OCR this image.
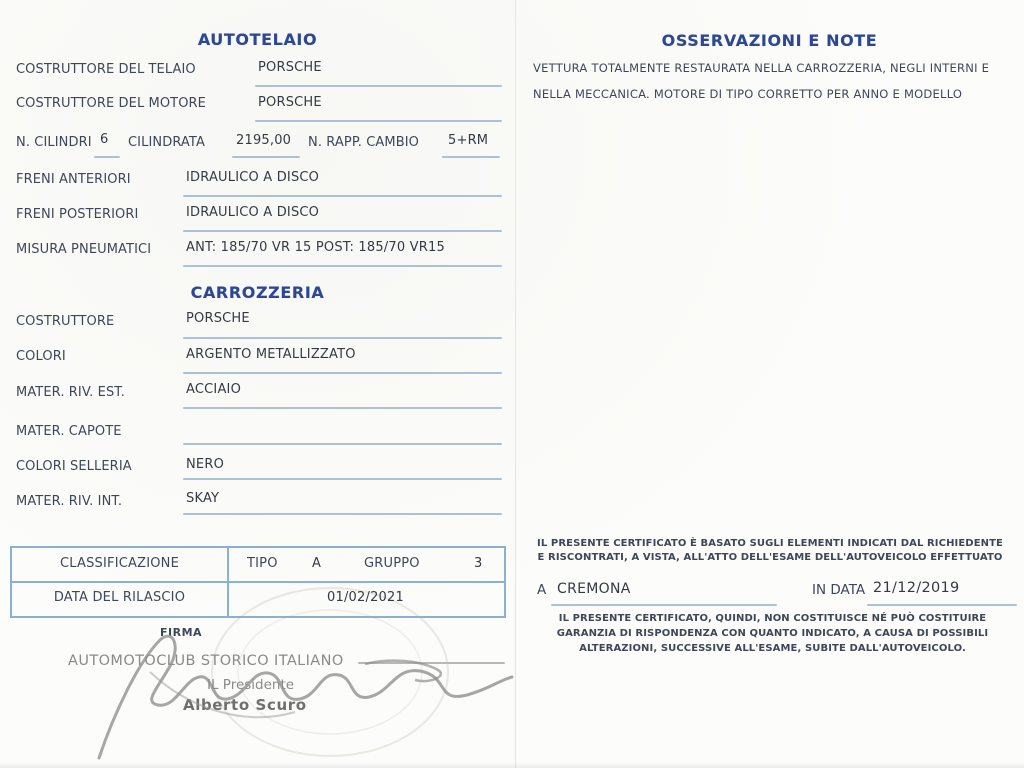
AUTOTELAIO
COSTRUTTORE DEL TELAIO	PORSCHE
COSTRUTTORE DEL MOTORE	PORSCHE
N. CILINDRI 6 CILINDRATA 2195,00 N. RAPP. CAMBIO 5+RM
FRENI ANTERIORI	IDRAULICO A DISCO
FRENI POSTERIORI	IDRAULICO A DISCO
MISURA PNEUMATICI	ANT: 185/70 VR 15 POST: 185/70 VR15
CARROZZERIA
COSTRUTTORE	PORSCHE
COLORI	ARGENTO METALLIZZATO
MATER. RIV. EST.	ACCIAIO
MATER. CAPOTE
COLORI SELLERIA	NERO
MATER. RIV. INT.	SKAY
CLASSIFICAZIONE	TIPO	A	GRUPPO	3
DATA DEL RILASCIO	01/02/2021
FIRMA
AUTOMOTOCLUB STORICO ITALIANO
IL Presidente
Alberto Scuro
OSSERVAZIONI E NOTE
VETTURA TOTALMENTE RESTAURATA NELLA CARROZZERIA, NEGLI INTERNI E
NELLA MECCANICA. MOTORE DI TIPO CORRETTO PER ANNO E MODELLO
IL PRESENTE CERTIFICATO È BASATO SUGLI ELEMENTI INDICATI DAL RICHIEDENTE
E RISCONTRATI, A VISTA, ALL'ATTO DELL'ESAME DELL'AUTOVEICOLO EFFETTUATO
A CREMONA	IN DATA 21/12/2019
IL PRESENTE CERTIFICATO, QUINDI, NON COSTITUISCE NÉ PUÒ COSTITUIRE
GARANZIA DI RISPONDENZA CON QUANTO INDICATO, A CAUSA DI POSSIBILI
ALTERAZIONI, SUCCESSIVE ALL'ESAME, SUBITE DALL'AUTOVEICOLO.
